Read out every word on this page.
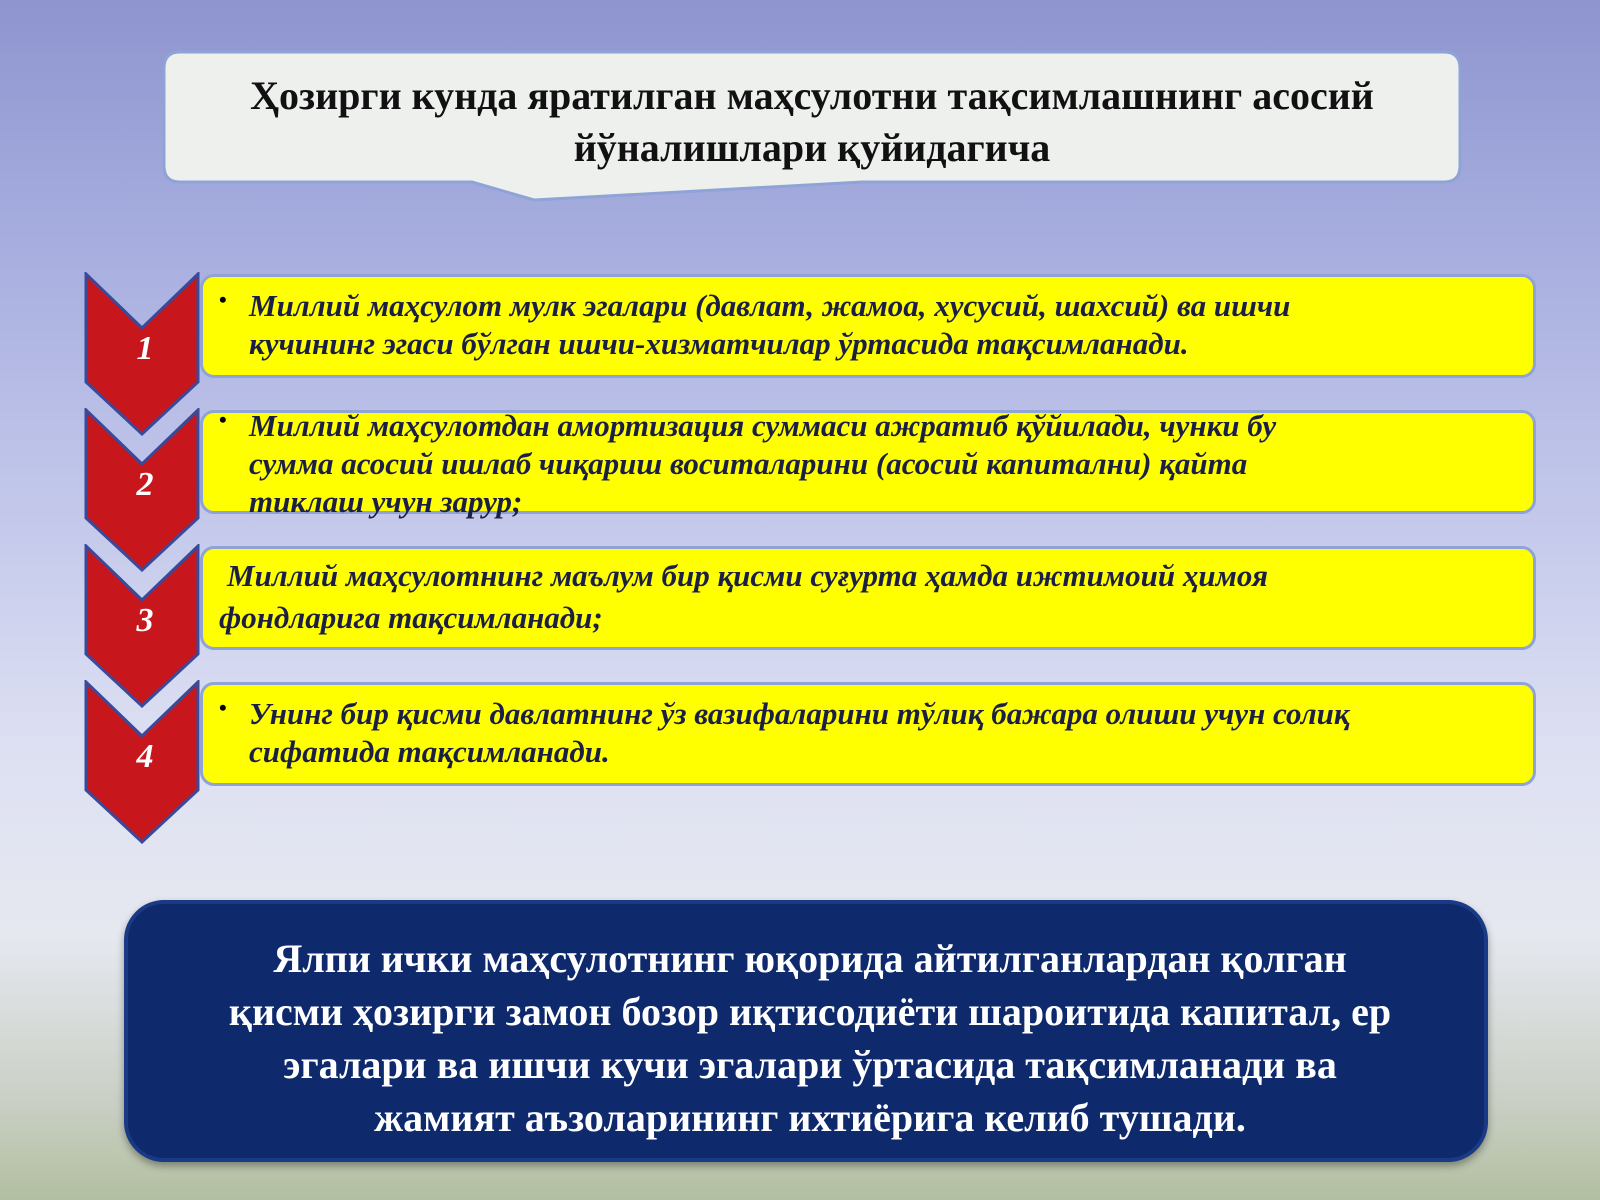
Ҳозирги кунда яратилган маҳсулотни тақсимлашнинг асосий
йўналишлари қуйидагича
1
• Миллий маҳсулот мулк эгалари (давлат, жамоа, хусусий, шахсий) ва ишчи
кучининг эгаси бўлган ишчи-хизматчилар ўртасида тақсимланади.
2
• Миллий маҳсулотдан амортизация суммаси ажратиб қўйилади, чунки бу
сумма асосий ишлаб чиқариш воситаларини (асосий капитални) қайта
тиклаш учун зарур;
3
Миллий маҳсулотнинг маълум бир қисми суғурта ҳамда ижтимоий ҳимоя
фондларига тақсимланади;
4
• Унинг бир қисми давлатнинг ўз вазифаларини тўлиқ бажара олиши учун солиқ
сифатида тақсимланади.
Ялпи ички маҳсулотнинг юқорида айтилганлардан қолган
қисми ҳозирги замон бозор иқтисодиёти шароитида капитал, ер
эгалари ва ишчи кучи эгалари ўртасида тақсимланади ва
жамият аъзоларининг ихтиёрига келиб тушади.
